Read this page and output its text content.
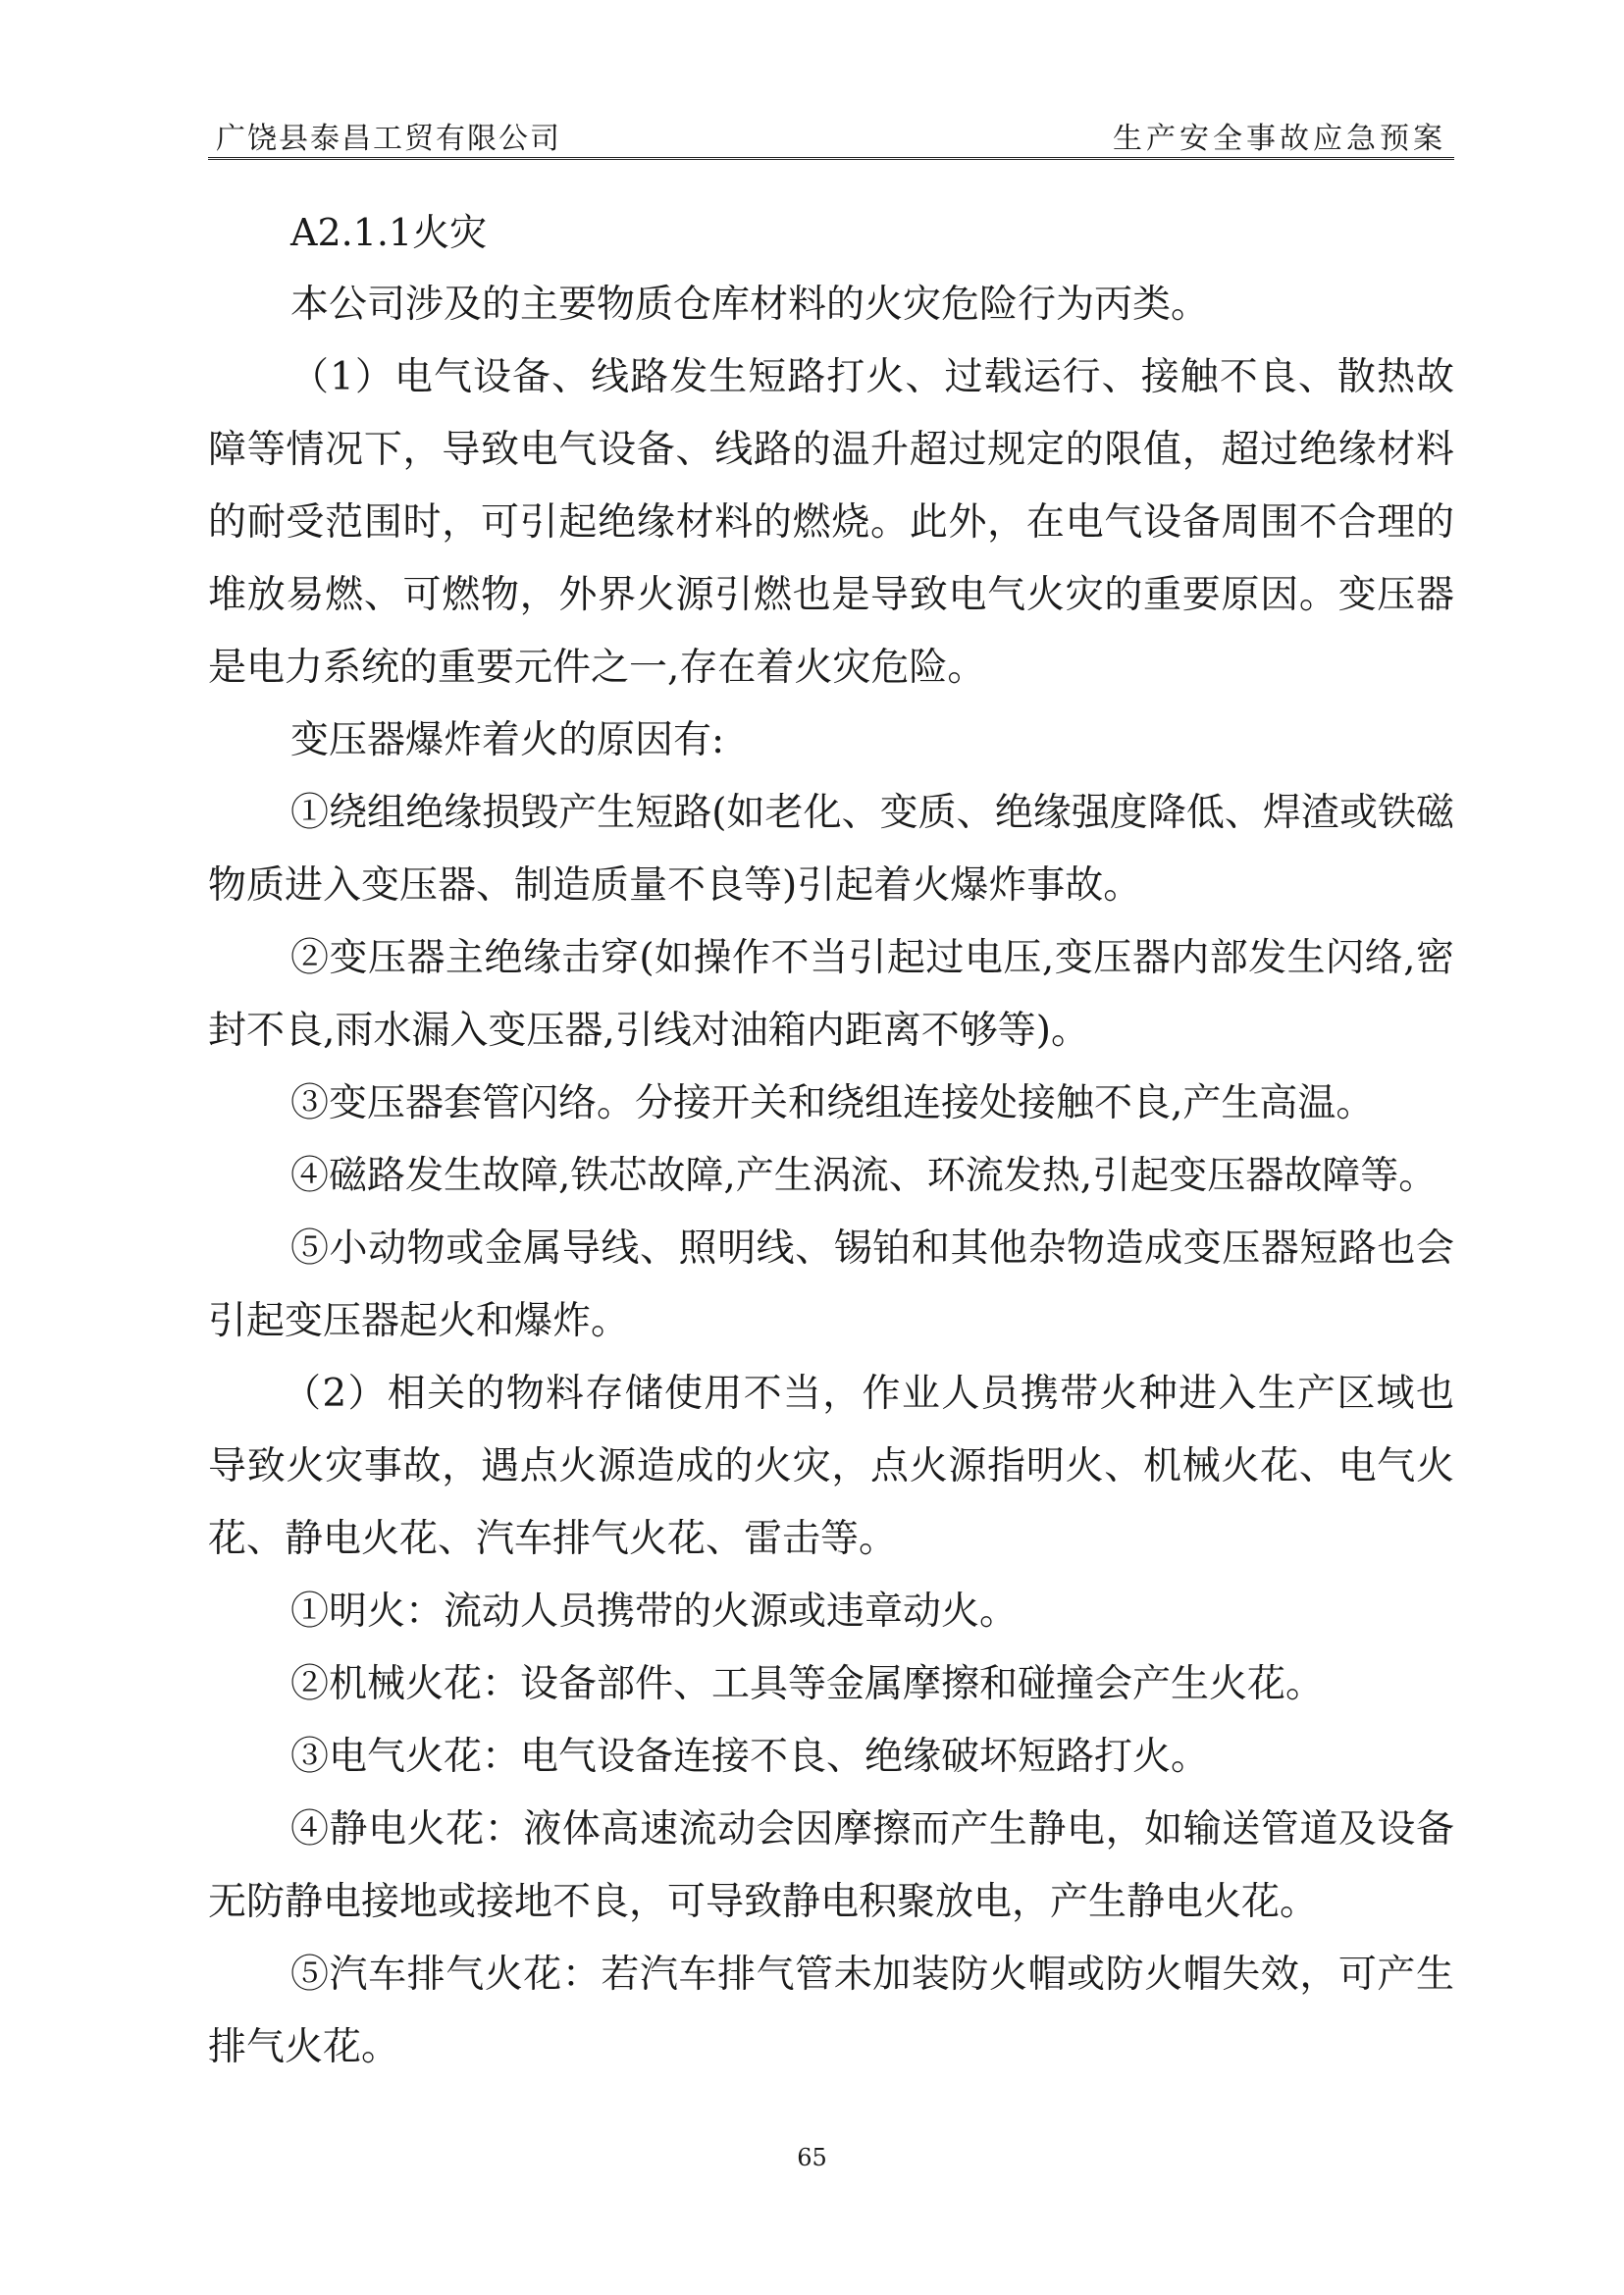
广饶县泰昌工贸有限公司	生产安全事故应急预案
A2.1.1火灾

本公司涉及的主要物质仓库材料的火灾危险行为丙类。

（1）电气设备、线路发生短路打火、过载运行、接触不良、散热故障等情况下，导致电气设备、线路的温升超过规定的限值，超过绝缘材料的耐受范围时，可引起绝缘材料的燃烧。此外，在电气设备周围不合理的堆放易燃、可燃物，外界火源引燃也是导致电气火灾的重要原因。变压器是电力系统的重要元件之一,存在着火灾危险。

变压器爆炸着火的原因有:

①绕组绝缘损毁产生短路(如老化、变质、绝缘强度降低、焊渣或铁磁物质进入变压器、制造质量不良等)引起着火爆炸事故。

②变压器主绝缘击穿(如操作不当引起过电压,变压器内部发生闪络,密封不良,雨水漏入变压器,引线对油箱内距离不够等)。

③变压器套管闪络。分接开关和绕组连接处接触不良,产生高温。

④磁路发生故障,铁芯故障,产生涡流、环流发热,引起变压器故障等。

⑤小动物或金属导线、照明线、锡铂和其他杂物造成变压器短路也会引起变压器起火和爆炸。

（2）相关的物料存储使用不当，作业人员携带火种进入生产区域也导致火灾事故，遇点火源造成的火灾，点火源指明火、机械火花、电气火花、静电火花、汽车排气火花、雷击等。

①明火：流动人员携带的火源或违章动火。

②机械火花：设备部件、工具等金属摩擦和碰撞会产生火花。

③电气火花：电气设备连接不良、绝缘破坏短路打火。

④静电火花：液体高速流动会因摩擦而产生静电，如输送管道及设备无防静电接地或接地不良，可导致静电积聚放电，产生静电火花。

⑤汽车排气火花：若汽车排气管未加装防火帽或防火帽失效，可产生排气火花。

65
